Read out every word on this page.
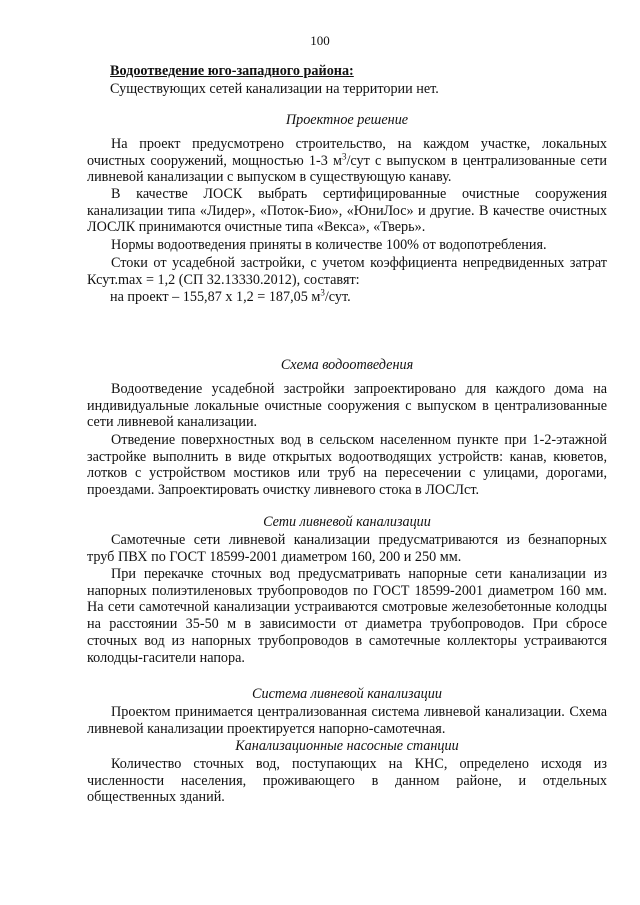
100

Водоотведение юго-западного района:

Существующих сетей канализации на территории нет.

Проектное решение

На проект предусмотрено строительство, на каждом участке, локальных очистных сооружений, мощностью 1-3 $м^3$/сут с выпуском в централизованные сети ливневой канализации с выпуском в существующую канаву.

В качестве ЛОСК выбрать сертифицированные очистные сооружения канализации типа «Лидер», «Поток-Био», «ЮниЛос» и другие. В качестве очистных ЛОСЛК принимаются очистные типа «Векса», «Тверь».

Нормы водоотведения приняты в количестве 100% от водопотребления.

Стоки от усадебной застройки, с учетом коэффициента непредвиденных затрат Ксут.max = 1,2 (СП 32.13330.2012), составят:

на проект – 155,87 х 1,2 = 187,05 $м^3$/сут.

Схема водоотведения

Водоотведение усадебной застройки запроектировано для каждого дома на индивидуальные локальные очистные сооружения с выпуском в централизованные сети ливневой канализации.

Отведение поверхностных вод в сельском населенном пункте при 1-2-этажной застройке выполнить в виде открытых водоотводящих устройств: канав, кюветов, лотков с устройством мостиков или труб на пересечении с улицами, дорогами, проездами. Запроектировать очистку ливневого стока в ЛОСЛст.

Сети ливневой канализации

Самотечные сети ливневой канализации предусматриваются из безнапорных труб ПВХ по ГОСТ 18599-2001 диаметром 160, 200 и 250 мм.

При перекачке сточных вод предусматривать напорные сети канализации из напорных полиэтиленовых трубопроводов по ГОСТ 18599-2001 диаметром 160 мм. На сети самотечной канализации устраиваются смотровые железобетонные колодцы на расстоянии 35-50 м в зависимости от диаметра трубопроводов. При сбросе сточных вод из напорных трубопроводов в самотечные коллекторы устраиваются колодцы-гасители напора.

Система ливневой канализации

Проектом принимается централизованная система ливневой канализации. Схема ливневой канализации проектируется напорно-самотечная.

Канализационные насосные станции

Количество сточных вод, поступающих на КНС, определено исходя из численности населения, проживающего в данном районе, и отдельных общественных зданий.
